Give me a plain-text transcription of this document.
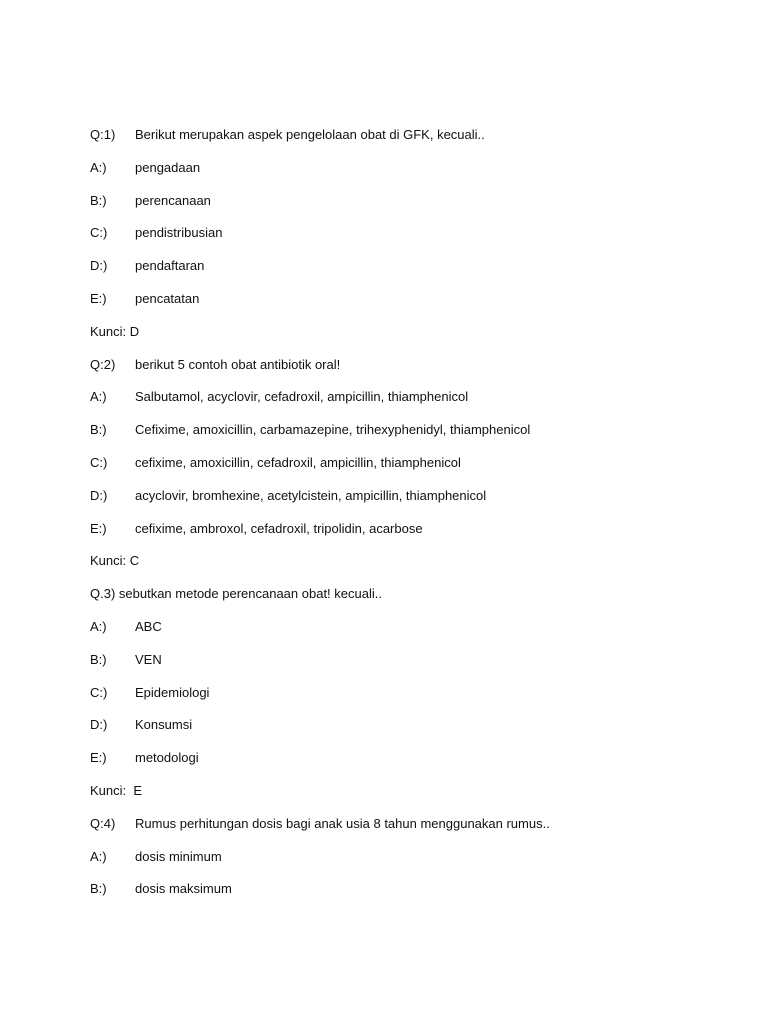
Q:1) Berikut merupakan aspek pengelolaan obat di GFK, kecuali..
A:) pengadaan
B:) perencanaan
C:) pendistribusian
D:) pendaftaran
E:) pencatatan
Kunci: D
Q:2) berikut 5 contoh obat antibiotik oral!
A:) Salbutamol, acyclovir, cefadroxil, ampicillin, thiamphenicol
B:) Cefixime, amoxicillin, carbamazepine, trihexyphenidyl, thiamphenicol
C:) cefixime, amoxicillin, cefadroxil, ampicillin, thiamphenicol
D:) acyclovir, bromhexine, acetylcistein, ampicillin, thiamphenicol
E:) cefixime, ambroxol, cefadroxil, tripolidin, acarbose
Kunci: C
Q.3) sebutkan metode perencanaan obat! kecuali..
A:) ABC
B:) VEN
C:) Epidemiologi
D:) Konsumsi
E:) metodologi
Kunci:  E
Q:4) Rumus perhitungan dosis bagi anak usia 8 tahun menggunakan rumus..
A:) dosis minimum
B:) dosis maksimum
